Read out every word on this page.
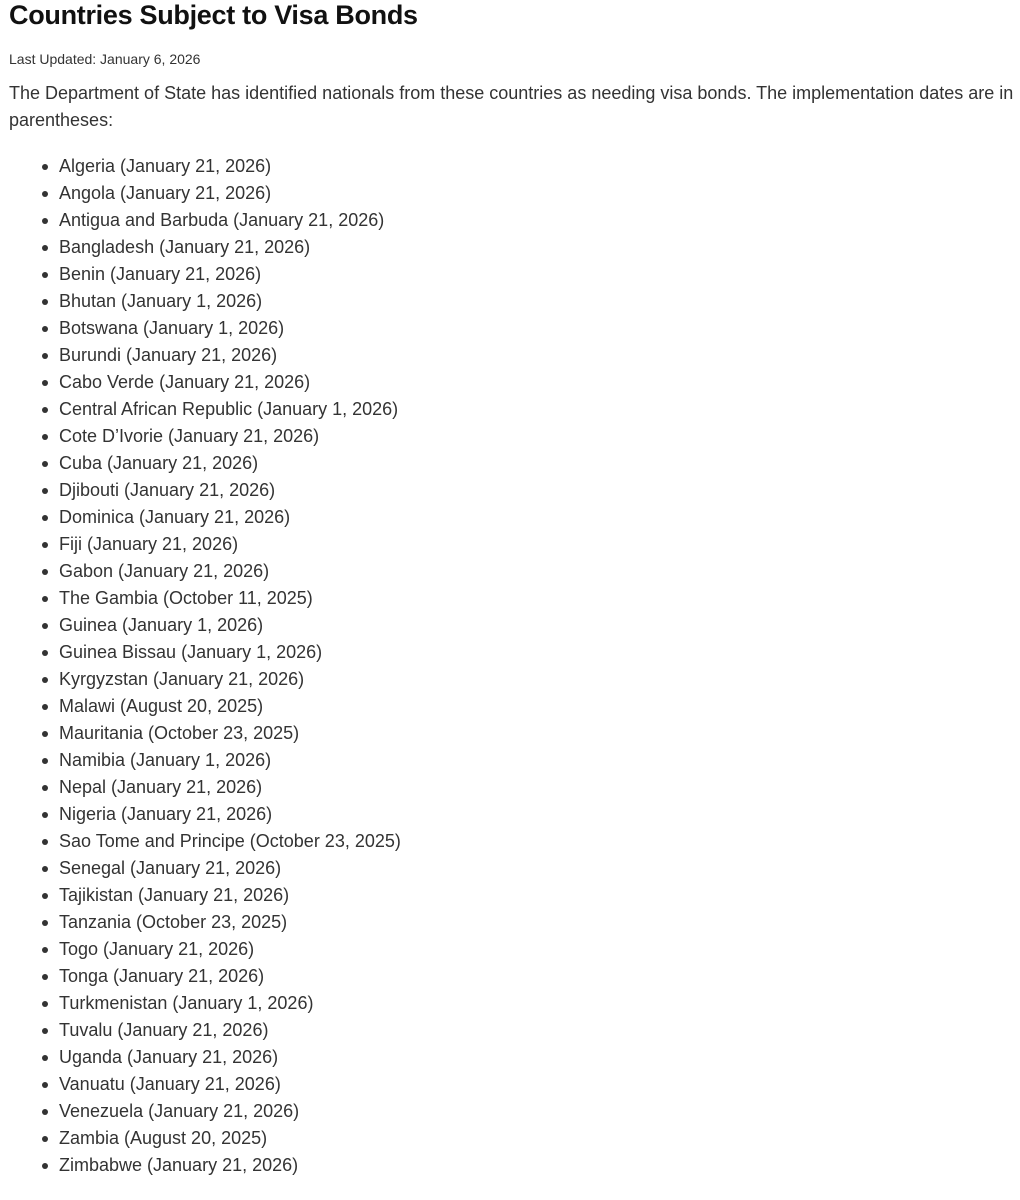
Countries Subject to Visa Bonds

Last Updated: January 6, 2026

The Department of State has identified nationals from these countries as needing visa bonds. The implementation dates are in parentheses:

Algeria (January 21, 2026)
Angola (January 21, 2026)
Antigua and Barbuda (January 21, 2026)
Bangladesh (January 21, 2026)
Benin (January 21, 2026)
Bhutan (January 1, 2026)
Botswana (January 1, 2026)
Burundi (January 21, 2026)
Cabo Verde (January 21, 2026)
Central African Republic (January 1, 2026)
Cote D’Ivorie (January 21, 2026)
Cuba (January 21, 2026)
Djibouti (January 21, 2026)
Dominica (January 21, 2026)
Fiji (January 21, 2026)
Gabon (January 21, 2026)
The Gambia (October 11, 2025)
Guinea (January 1, 2026)
Guinea Bissau (January 1, 2026)
Kyrgyzstan (January 21, 2026)
Malawi (August 20, 2025)
Mauritania (October 23, 2025)
Namibia (January 1, 2026)
Nepal (January 21, 2026)
Nigeria (January 21, 2026)
Sao Tome and Principe (October 23, 2025)
Senegal (January 21, 2026)
Tajikistan (January 21, 2026)
Tanzania (October 23, 2025)
Togo (January 21, 2026)
Tonga (January 21, 2026)
Turkmenistan (January 1, 2026)
Tuvalu (January 21, 2026)
Uganda (January 21, 2026)
Vanuatu (January 21, 2026)
Venezuela (January 21, 2026)
Zambia (August 20, 2025)
Zimbabwe (January 21, 2026)
